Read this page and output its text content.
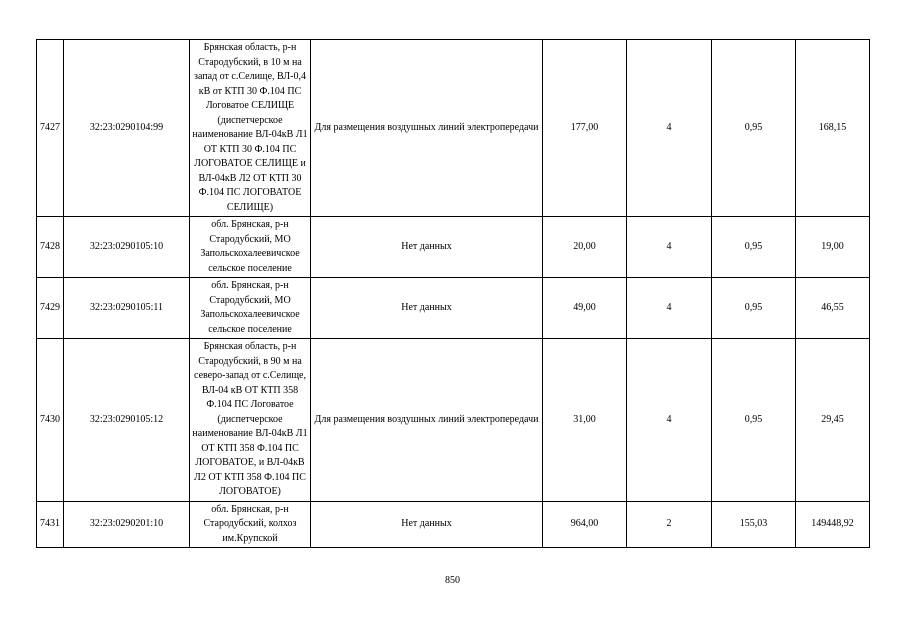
7427	32:23:0290104:99	Брянская область, р-н Стародубский, в 10 м на запад от с.Селище, ВЛ-0,4 кВ от КТП 30 Ф.104 ПС Логоватое СЕЛИЩЕ (диспетчерское наименование ВЛ-04кВ Л1 ОТ КТП 30 Ф.104 ПС ЛОГОВАТОЕ СЕЛИЩЕ и ВЛ-04кВ Л2 ОТ КТП 30 Ф.104 ПС ЛОГОВАТОЕ СЕЛИЩЕ)	Для размещения воздушных линий электропередачи	177,00	4	0,95	168,15
7428	32:23:0290105:10	обл. Брянская, р-н Стародубский, МО Запольскохалеевичское сельское поселение	Нет данных	20,00	4	0,95	19,00
7429	32:23:0290105:11	обл. Брянская, р-н Стародубский, МО Запольскохалеевичское сельское поселение	Нет данных	49,00	4	0,95	46,55
7430	32:23:0290105:12	Брянская область, р-н Стародубский, в 90 м на северо-запад от с.Селище, ВЛ-04 кВ ОТ КТП 358 Ф.104 ПС Логоватое (диспетчерское наименование ВЛ-04кВ Л1 ОТ КТП 358 Ф.104 ПС ЛОГОВАТОЕ, и ВЛ-04кВ Л2 ОТ КТП 358 Ф.104 ПС ЛОГОВАТОЕ)	Для размещения воздушных линий электропередачи	31,00	4	0,95	29,45
7431	32:23:0290201:10	обл. Брянская, р-н Стародубский, колхоз им.Крупской	Нет данных	964,00	2	155,03	149448,92
850
